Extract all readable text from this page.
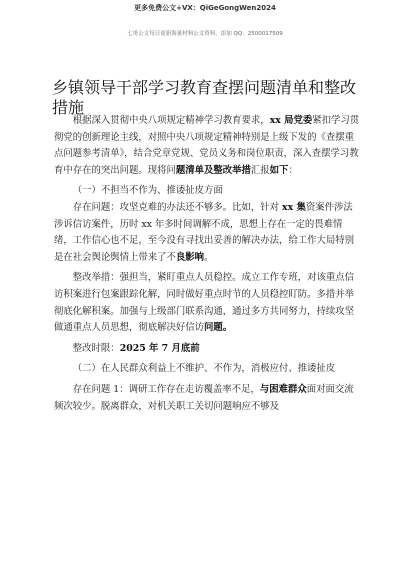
更多免费公文+VX：QiGeGongWen2024
七哥公文每日更新海量材料公文资料，添加 QQ：2500017509
乡镇领导干部学习教育查摆问题清单和整改措施

根据深入贯彻中央八项规定精神学习教育要求，xx 局党委紧扣学习贯彻党的创新理论主线，对照中央八项规定精神特别是上级下发的《查摆重点问题参考清单》，结合党章党规、党员义务和岗位职责，深入查摆学习教育中存在的突出问题。现将问题清单及整改举措汇报如下：

（一）不担当不作为、推诿扯皮方面

存在问题：攻坚克难的办法还不够多。比如，针对 xx 集资案件涉法涉诉信访案件，历时 xx 年多时间调解不成，思想上存在一定的畏难情绪，工作信心也不足，至今没有寻找出妥善的解决办法，给工作大局特别是在社会舆论舆情上带来了不良影响。

整改举措：强担当，紧盯重点人员稳控。成立工作专班，对该重点信访积案进行包案跟踪化解，同时做好重点时节的人员稳控盯防。多措并举彻底化解积案。加强与上级部门联系沟通，通过多方共同努力，持续攻坚做通重点人员思想，彻底解决好信访问题。

整改时限：2025 年 7 月底前

（二）在人民群众利益上不维护、不作为，消极应付、推诿扯皮

存在问题 1：调研工作存在走访覆盖率不足，与困难群众面对面交流频次较少。脱离群众，对机关职工关切问题响应不够及
